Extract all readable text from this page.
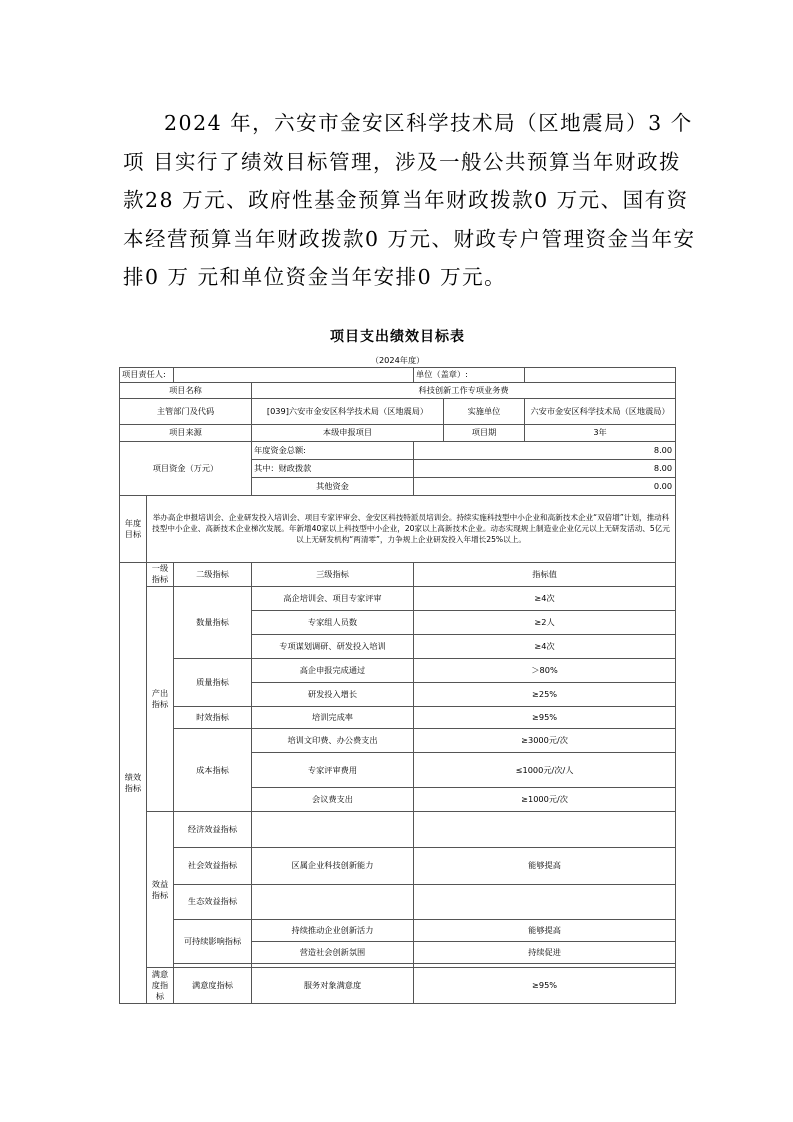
2024 年，六安市金安区科学技术局（区地震局）3 个
项 目实行了绩效目标管理，涉及一般公共预算当年财政拨
款28 万元、政府性基金预算当年财政拨款0 万元、国有资
本经营预算当年财政拨款0 万元、财政专户管理资金当年安
排0 万 元和单位资金当年安排0 万元。
项目支出绩效目标表						
（2024年度）						
项目责任人:				单位（盖章）:		
项目名称			科技创新工作专项业务费			
主管部门及代码			[039]六安市金安区科学技术局（区地震局）		实施单位	六安市金安区科学技术局（区地震局）
项目来源			本级申报项目		项目期	3年
项目资金（万元）			年度资金总额:	8.00		
			其中：财政拨款	8.00		
			其他资金	0.00		
年度目标	举办高企申报培训会、企业研发投入培训会、项目专家评审会、金安区科技特派员培训会。持续实施科技型中小企业和高新技术企业“双倍增”计划，推动科技型中小企业、高新技术企业梯次发展。年新增40家以上科技型中小企业，20家以上高新技术企业。动态实现规上制造业企业亿元以上无研发活动、5亿元以上无研发机构“两清零”，力争规上企业研发投入年增长25%以上。					
绩效指标	一级指标	二级指标	三级指标	指标值		
	产出指标	数量指标	高企培训会、项目专家评审	≥4次		
			专家组人员数	≥2人		
			专项谋划调研、研发投入培训	≥4次		
		质量指标	高企申报完成通过	＞80%		
			研发投入增长	≥25%		
		时效指标	培训完成率	≥95%		
		成本指标	培训文印费、办公费支出	≥3000元/次		
			专家评审费用	≤1000元/次/人		
			会议费支出	≥1000元/次		
	效益指标	经济效益指标				
		社会效益指标	区属企业科技创新能力	能够提高		
		生态效益指标				
		可持续影响指标	持续推动企业创新活力	能够提高		
			营造社会创新氛围	持续促进		

	满意度指标	满意度指标	服务对象满意度	≥95%		
